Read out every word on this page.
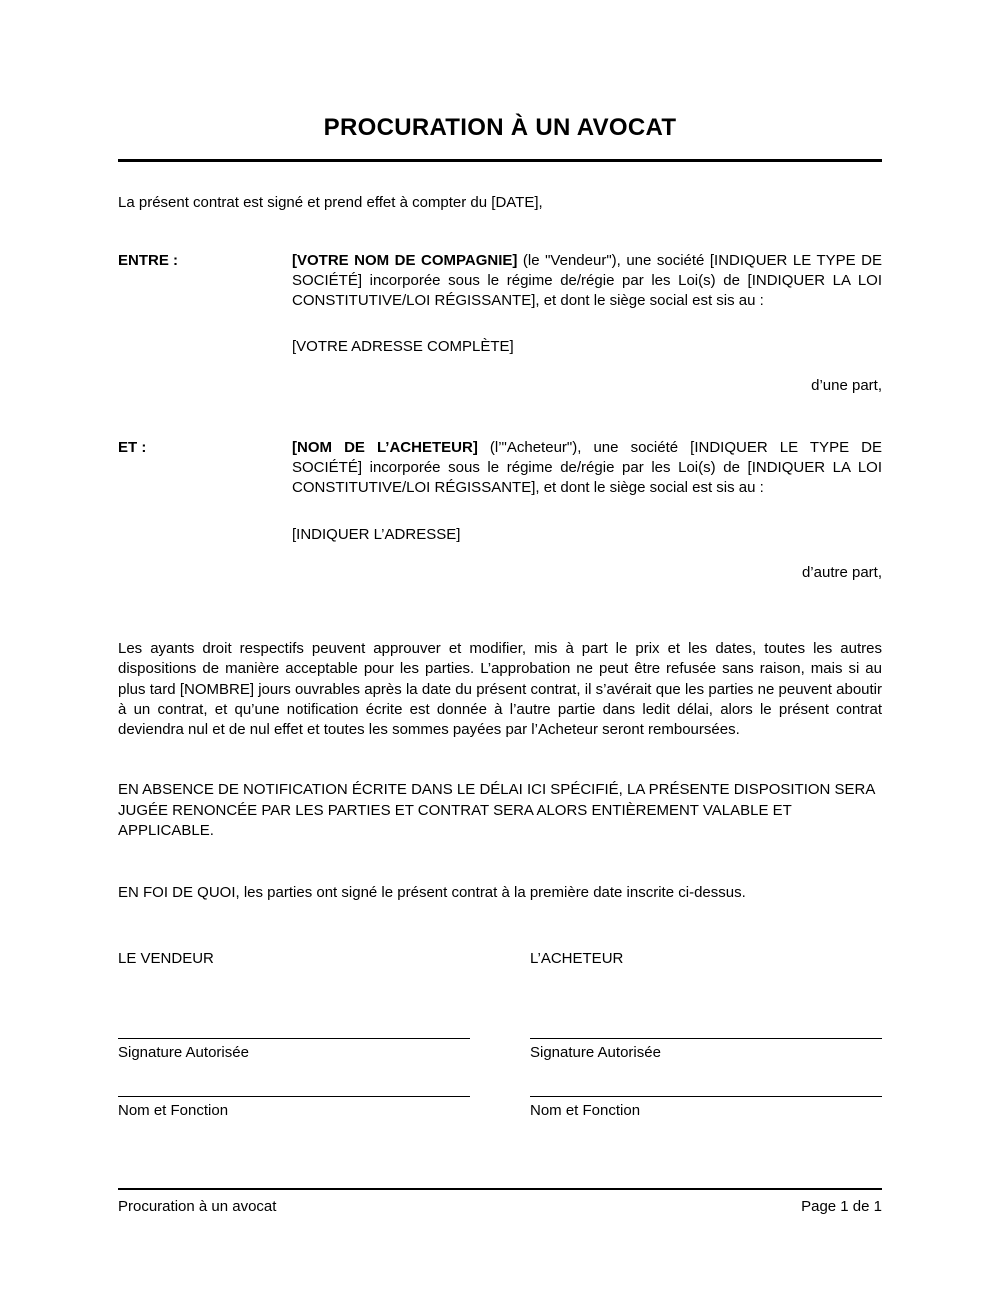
PROCURATION À UN AVOCAT

La présent contrat est signé et prend effet à compter du [DATE],

ENTRE :	[VOTRE NOM DE COMPAGNIE] (le "Vendeur"), une société [INDIQUER LE TYPE DE SOCIÉTÉ] incorporée sous le régime de/régie par les Loi(s) de [INDIQUER LA LOI CONSTITUTIVE/LOI RÉGISSANTE], et dont le siège social est sis au :

[VOTRE ADRESSE COMPLÈTE]

d’une part,

ET :	[NOM DE L’ACHETEUR] (l’"Acheteur"), une société [INDIQUER LE TYPE DE SOCIÉTÉ] incorporée sous le régime de/régie par les Loi(s) de [INDIQUER LA LOI CONSTITUTIVE/LOI RÉGISSANTE], et dont le siège social est sis au :

[INDIQUER L’ADRESSE]

d’autre part,

Les ayants droit respectifs peuvent approuver et modifier, mis à part le prix et les dates, toutes les autres dispositions de manière acceptable pour les parties. L’approbation ne peut être refusée sans raison, mais si au plus tard [NOMBRE] jours ouvrables après la date du présent contrat, il s’avérait que les parties ne peuvent aboutir à un contrat, et qu’une notification écrite est donnée à l’autre partie dans ledit délai, alors le présent contrat deviendra nul et de nul effet et toutes les sommes payées par l’Acheteur seront remboursées.

EN ABSENCE DE NOTIFICATION ÉCRITE DANS LE DÉLAI ICI SPÉCIFIÉ, LA PRÉSENTE DISPOSITION SERA JUGÉE RENONCÉE PAR LES PARTIES ET CONTRAT SERA ALORS ENTIÈREMENT VALABLE ET APPLICABLE.

EN FOI DE QUOI, les parties ont signé le présent contrat à la première date inscrite ci-dessus.

LE VENDEUR
Signature Autorisée
Nom et Fonction
L’ACHETEUR
Signature Autorisée
Nom et Fonction
Procuration à un avocat	Page 1 de 1
